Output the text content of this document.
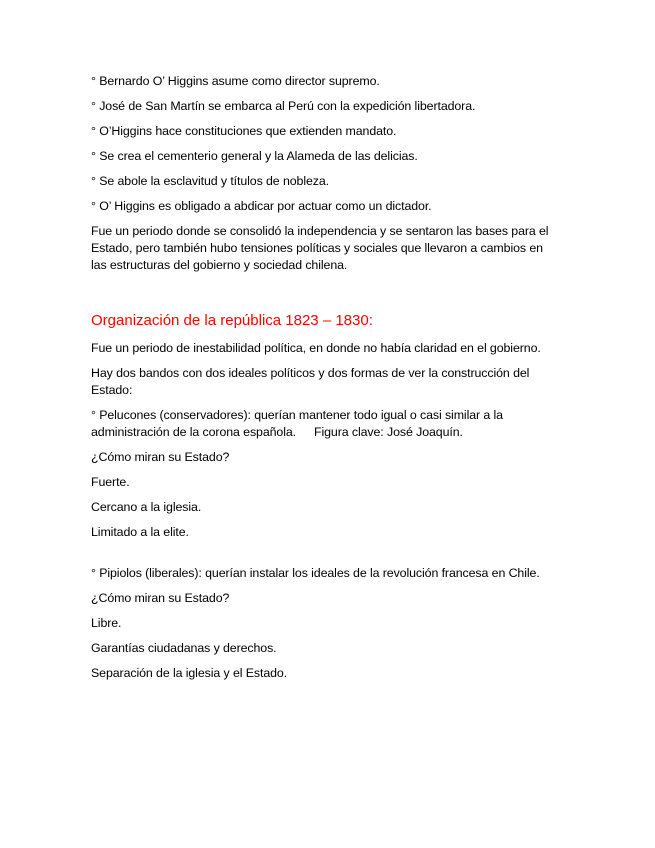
° Bernardo O’ Higgins asume como director supremo.

° José de San Martín se embarca al Perú con la expedición libertadora.

° O’Higgins hace constituciones que extienden mandato.

° Se crea el cementerio general y la Alameda de las delicias.

° Se abole la esclavitud y títulos de nobleza.

° O’ Higgins es obligado a abdicar por actuar como un dictador.

Fue un periodo donde se consolidó la independencia y se sentaron las bases para el Estado, pero también hubo tensiones políticas y sociales que llevaron a cambios en las estructuras del gobierno y sociedad chilena.

Organización de la república 1823 – 1830:

Fue un periodo de inestabilidad política, en donde no había claridad en el gobierno.

Hay dos bandos con dos ideales políticos y dos formas de ver la construcción del Estado:

° Pelucones (conservadores): querían mantener todo igual o casi similar a la administración de la corona española. Figura clave: José Joaquín.

¿Cómo miran su Estado?

Fuerte.

Cercano a la iglesia.

Limitado a la elite.

° Pipiolos (liberales): querían instalar los ideales de la revolución francesa en Chile.

¿Cómo miran su Estado?

Libre.

Garantías ciudadanas y derechos.

Separación de la iglesia y el Estado.
